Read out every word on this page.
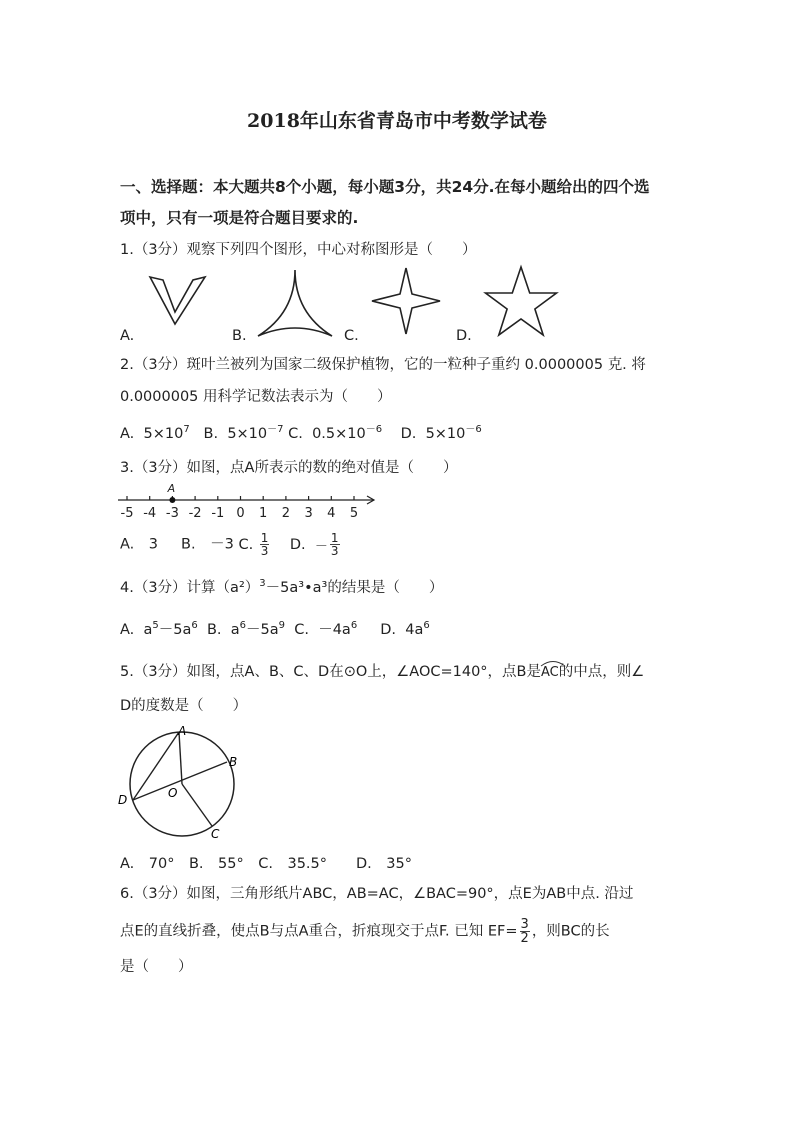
2018年山东省青岛市中考数学试卷
一、选择题：本大题共8个小题，每小题3分，共24分.在每小题给出的四个选
项中，只有一项是符合题目要求的.
1.（3分）观察下列四个图形，中心对称图形是（　　）
A.	B.	C.	D.
2.（3分）斑叶兰被列为国家二级保护植物，它的一粒种子重约 0.0000005 克. 将
0.0000005 用科学记数法表示为（　　）
A. $5\times 10^7$ B. $5\times 10^{-7}$ C. $0.5\times 10^{-6}$ D. $5\times 10^{-6}$
3.（3分）如图，点A所表示的数的绝对值是（　　）
-5 -4 -3 -2 -1 0 1 2 3 4 5
A
A.　3 B.　－3 C. $\frac{1}{3} D$. － $\frac{1}{3}$
4.（3分）计算$(a^2)^3-5a^3•a^3$的结果是（　　）
A. $a^5-5a^6$ B. $a^6-5a^9$ C. $-4a^6$ D. $4a^6$
5.（3分）如图，点A、B、C、D在⊙O上，∠AOC=140°，点B是
AC的中点，则∠
D的度数是（　　）
A
B
C
D	O
A.　70°　B.　55°　C.　35.5°　　D.　35°
6.（3分）如图，三角形纸片ABC，AB=AC，∠BAC=90°，点E为AB中点. 沿过
点E的直线折叠，使点B与点A重合，折痕现交于点F. 已知 $EF= \frac{3}{2}$ ，则BC的长
是（　　）
